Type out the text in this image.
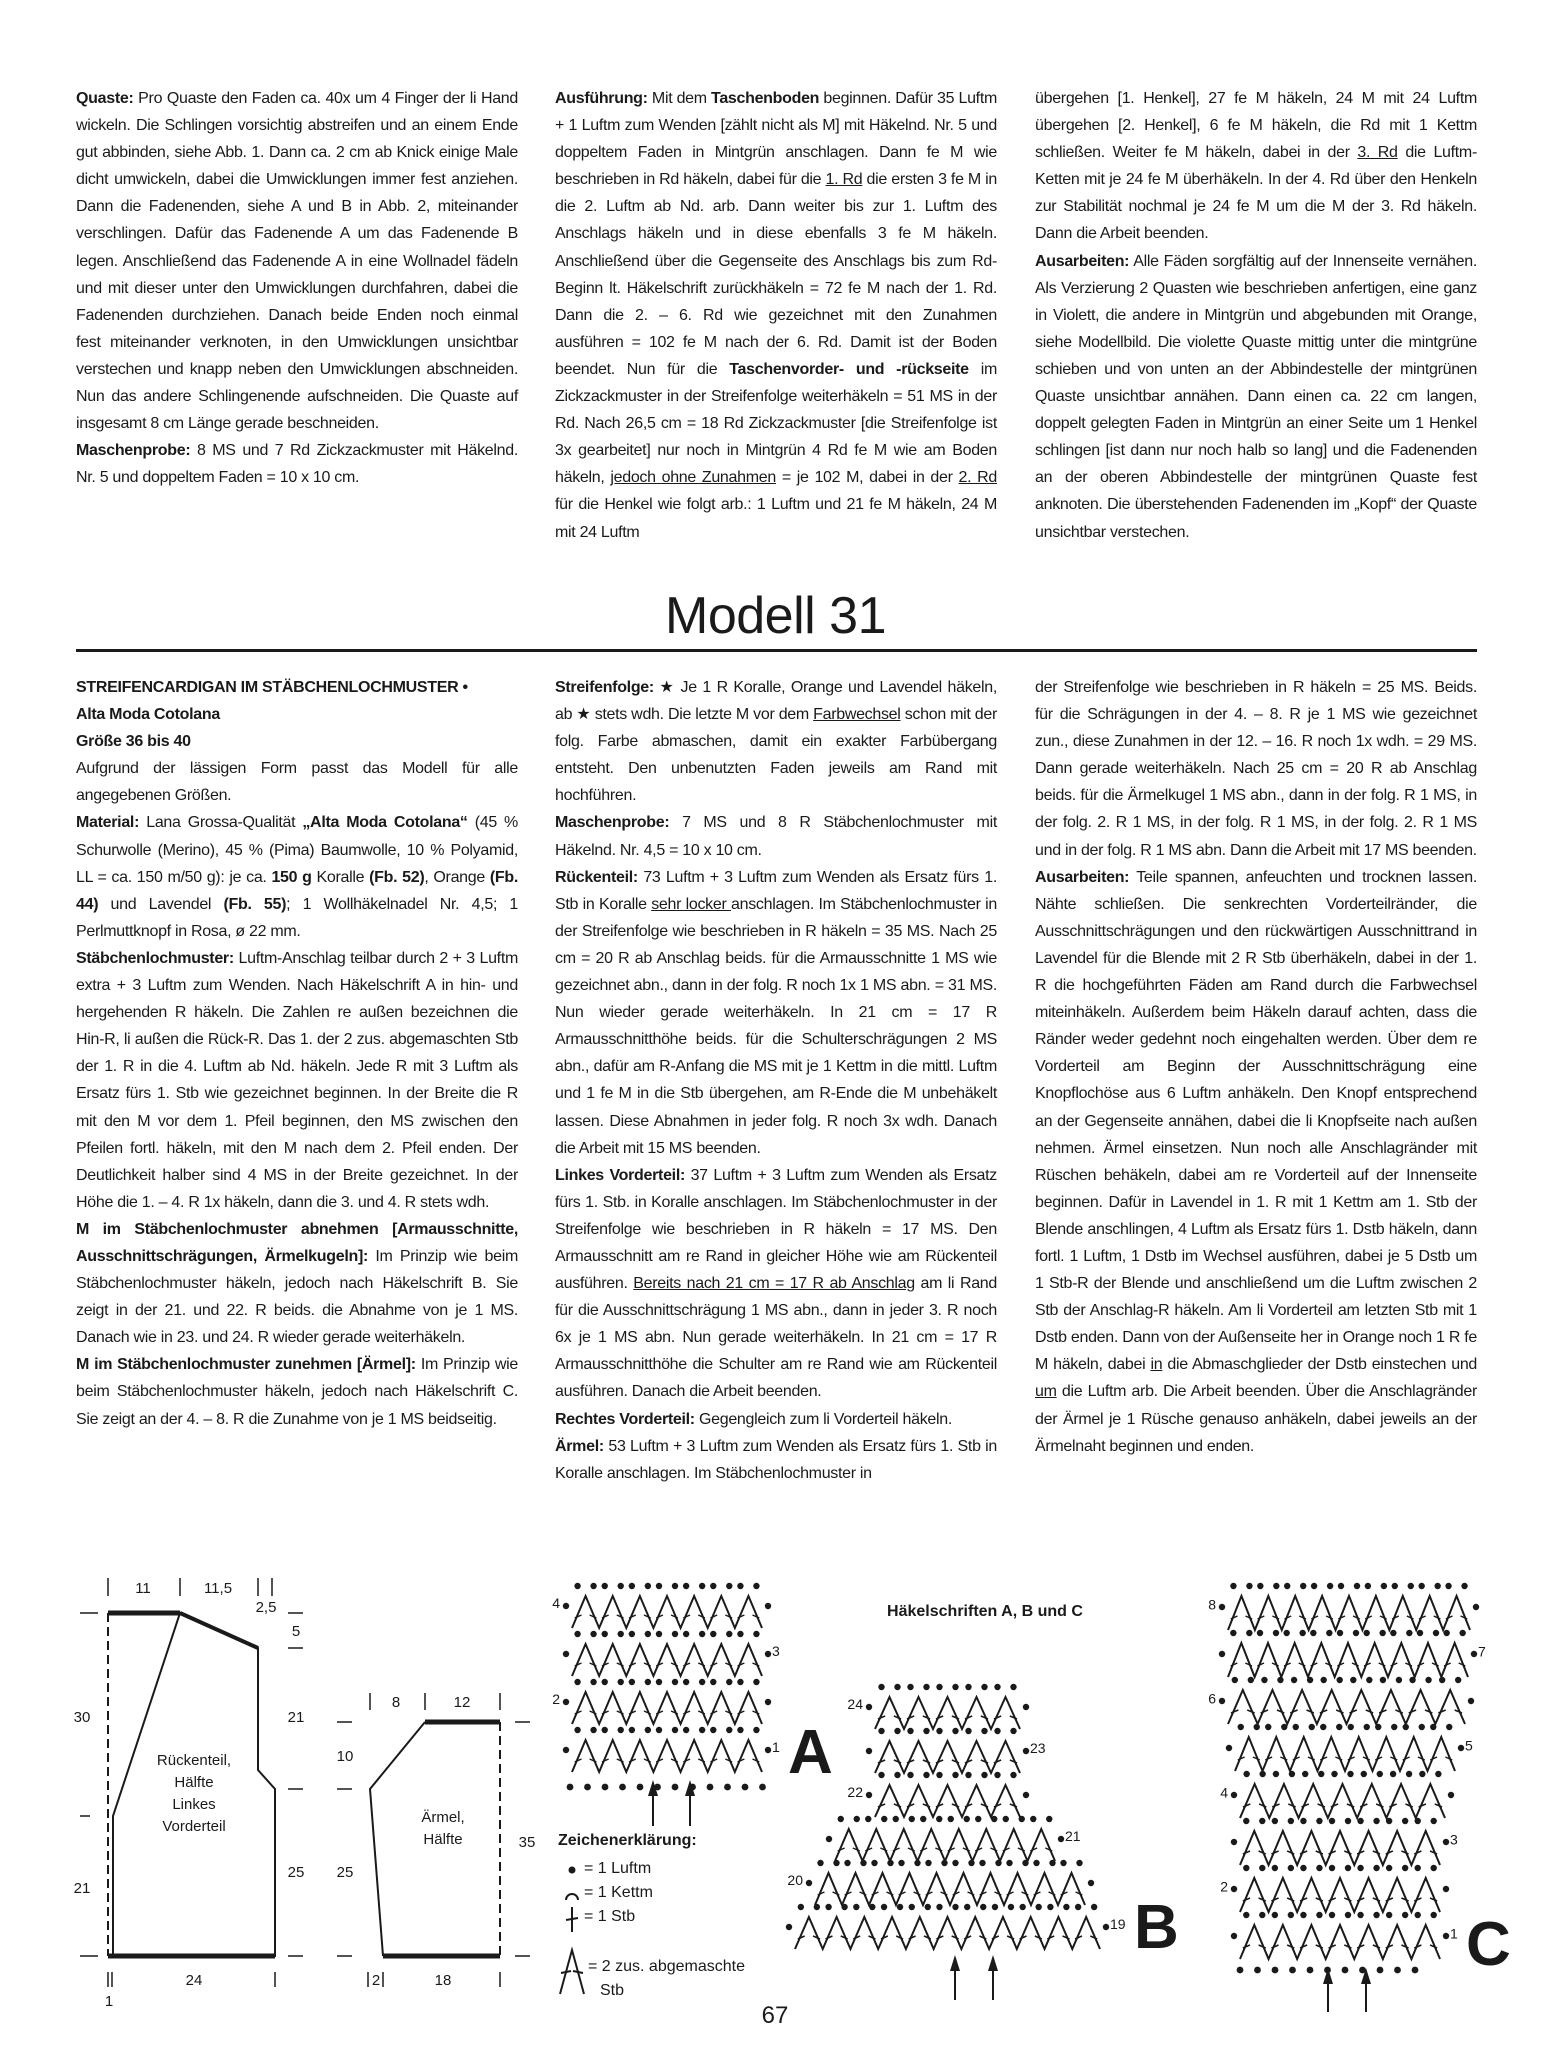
Quaste: Pro Quaste den Faden ca. 40x um 4 Finger der li Hand wickeln. Die Schlingen vorsichtig abstreifen und an einem Ende gut abbinden, siehe Abb. 1. Dann ca. 2 cm ab Knick einige Male dicht umwickeln, dabei die Umwicklungen immer fest anziehen. Dann die Fadenenden, siehe A und B in Abb. 2, miteinander verschlingen. Dafür das Fadenende A um das Fadenende B legen. Anschließend das Fadenende A in eine Wollnadel fädeln und mit dieser unter den Umwicklungen durchfahren, dabei die Fadenenden durchziehen. Danach beide Enden noch einmal fest miteinander verknoten, in den Umwicklungen unsichtbar verstechen und knapp neben den Umwicklungen abschneiden. Nun das andere Schlingenende aufschneiden. Die Quaste auf insgesamt 8 cm Länge gerade beschneiden.

Maschenprobe: 8 MS und 7 Rd Zickzackmuster mit Häkelnd. Nr. 5 und doppeltem Faden = 10 x 10 cm.

Ausführung: Mit dem Taschenboden beginnen. Dafür 35 Luftm + 1 Luftm zum Wenden [zählt nicht als M] mit Häkelnd. Nr. 5 und doppeltem Faden in Mintgrün anschlagen. Dann fe M wie beschrieben in Rd häkeln, dabei für die 1. Rd die ersten 3 fe M in die 2. Luftm ab Nd. arb. Dann weiter bis zur 1. Luftm des Anschlags häkeln und in diese ebenfalls 3 fe M häkeln. Anschließend über die Gegenseite des Anschlags bis zum Rd-Beginn lt. Häkelschrift zurückhäkeln = 72 fe M nach der 1. Rd. Dann die 2. – 6. Rd wie gezeichnet mit den Zunahmen ausführen = 102 fe M nach der 6. Rd. Damit ist der Boden beendet. Nun für die Taschenvorder- und -rückseite im Zickzackmuster in der Streifenfolge weiterhäkeln = 51 MS in der Rd. Nach 26,5 cm = 18 Rd Zickzackmuster [die Streifenfolge ist 3x gearbeitet] nur noch in Mintgrün 4 Rd fe M wie am Boden häkeln, jedoch ohne Zunahmen = je 102 M, dabei in der 2. Rd für die Henkel wie folgt arb.: 1 Luftm und 21 fe M häkeln, 24 M mit 24 Luftm

übergehen [1. Henkel], 27 fe M häkeln, 24 M mit 24 Luftm übergehen [2. Henkel], 6 fe M häkeln, die Rd mit 1 Kettm schließen. Weiter fe M häkeln, dabei in der 3. Rd die Luftm-Ketten mit je 24 fe M überhäkeln. In der 4. Rd über den Henkeln zur Stabilität nochmal je 24 fe M um die M der 3. Rd häkeln. Dann die Arbeit beenden.

Ausarbeiten: Alle Fäden sorgfältig auf der Innenseite vernähen. Als Verzierung 2 Quasten wie beschrieben anfertigen, eine ganz in Violett, die andere in Mintgrün und abgebunden mit Orange, siehe Modellbild. Die violette Quaste mittig unter die mintgrüne schieben und von unten an der Abbindestelle der mintgrünen Quaste unsichtbar annähen. Dann einen ca. 22 cm langen, doppelt gelegten Faden in Mintgrün an einer Seite um 1 Henkel schlingen [ist dann nur noch halb so lang] und die Fadenenden an der oberen Abbindestelle der mintgrünen Quaste fest anknoten. Die überstehenden Fadenenden im „Kopf“ der Quaste unsichtbar verstechen.

Modell 31

STREIFENCARDIGAN IM STÄBCHENLOCHMUSTER •

Alta Moda Cotolana

Größe 36 bis 40

Aufgrund der lässigen Form passt das Modell für alle angegebenen Größen.

Material: Lana Grossa-Qualität „Alta Moda Cotolana“ (45 % Schurwolle (Merino), 45 % (Pima) Baumwolle, 10 % Polyamid, LL = ca. 150 m/50 g): je ca. 150 g Koralle (Fb. 52), Orange (Fb. 44) und Lavendel (Fb. 55); 1 Wollhäkelnadel Nr. 4,5; 1 Perlmuttknopf in Rosa, ø 22 mm.

Stäbchenlochmuster: Luftm-Anschlag teilbar durch 2 + 3 Luftm extra + 3 Luftm zum Wenden. Nach Häkelschrift A in hin- und hergehenden R häkeln. Die Zahlen re außen bezeichnen die Hin-R, li außen die Rück-R. Das 1. der 2 zus. abgemaschten Stb der 1. R in die 4. Luftm ab Nd. häkeln. Jede R mit 3 Luftm als Ersatz fürs 1. Stb wie gezeichnet beginnen. In der Breite die R mit den M vor dem 1. Pfeil beginnen, den MS zwischen den Pfeilen fortl. häkeln, mit den M nach dem 2. Pfeil enden. Der Deutlichkeit halber sind 4 MS in der Breite gezeichnet. In der Höhe die 1. – 4. R 1x häkeln, dann die 3. und 4. R stets wdh.

M im Stäbchenlochmuster abnehmen [Armausschnitte, Ausschnittschrägungen, Ärmelkugeln]: Im Prinzip wie beim Stäbchenlochmuster häkeln, jedoch nach Häkelschrift B. Sie zeigt in der 21. und 22. R beids. die Abnahme von je 1 MS. Danach wie in 23. und 24. R wieder gerade weiterhäkeln.

M im Stäbchenlochmuster zunehmen [Ärmel]: Im Prinzip wie beim Stäbchenlochmuster häkeln, jedoch nach Häkelschrift C. Sie zeigt an der 4. – 8. R die Zunahme von je 1 MS beidseitig.

Streifenfolge: ★ Je 1 R Koralle, Orange und Lavendel häkeln, ab ★ stets wdh. Die letzte M vor dem Farbwechsel schon mit der folg. Farbe abmaschen, damit ein exakter Farbübergang entsteht. Den unbenutzten Faden jeweils am Rand mit hochführen.

Maschenprobe: 7 MS und 8 R Stäbchenlochmuster mit Häkelnd. Nr. 4,5 = 10 x 10 cm.

Rückenteil: 73 Luftm + 3 Luftm zum Wenden als Ersatz fürs 1. Stb in Koralle sehr locker anschlagen. Im Stäbchenlochmuster in der Streifenfolge wie beschrieben in R häkeln = 35 MS. Nach 25 cm = 20 R ab Anschlag beids. für die Armausschnitte 1 MS wie gezeichnet abn., dann in der folg. R noch 1x 1 MS abn. = 31 MS. Nun wieder gerade weiterhäkeln. In 21 cm = 17 R Armausschnitthöhe beids. für die Schulterschrägungen 2 MS abn., dafür am R-Anfang die MS mit je 1 Kettm in die mittl. Luftm und 1 fe M in die Stb übergehen, am R-Ende die M unbehäkelt lassen. Diese Abnahmen in jeder folg. R noch 3x wdh. Danach die Arbeit mit 15 MS beenden.

Linkes Vorderteil: 37 Luftm + 3 Luftm zum Wenden als Ersatz fürs 1. Stb. in Koralle anschlagen. Im Stäbchenlochmuster in der Streifenfolge wie beschrieben in R häkeln = 17 MS. Den Armausschnitt am re Rand in gleicher Höhe wie am Rückenteil ausführen. Bereits nach 21 cm = 17 R ab Anschlag am li Rand für die Ausschnittschrägung 1 MS abn., dann in jeder 3. R noch 6x je 1 MS abn. Nun gerade weiterhäkeln. In 21 cm = 17 R Armausschnitthöhe die Schulter am re Rand wie am Rückenteil ausführen. Danach die Arbeit beenden.

Rechtes Vorderteil: Gegengleich zum li Vorderteil häkeln.

Ärmel: 53 Luftm + 3 Luftm zum Wenden als Ersatz fürs 1. Stb in Koralle anschlagen. Im Stäbchenlochmuster in

der Streifenfolge wie beschrieben in R häkeln = 25 MS. Beids. für die Schrägungen in der 4. – 8. R je 1 MS wie gezeichnet zun., diese Zunahmen in der 12. – 16. R noch 1x wdh. = 29 MS. Dann gerade weiterhäkeln. Nach 25 cm = 20 R ab Anschlag beids. für die Ärmelkugel 1 MS abn., dann in der folg. R 1 MS, in der folg. 2. R 1 MS, in der folg. R 1 MS, in der folg. 2. R 1 MS und in der folg. R 1 MS abn. Dann die Arbeit mit 17 MS beenden.

Ausarbeiten: Teile spannen, anfeuchten und trocknen lassen. Nähte schließen. Die senkrechten Vorderteilränder, die Ausschnittschrägungen und den rückwärtigen Ausschnittrand in Lavendel für die Blende mit 2 R Stb überhäkeln, dabei in der 1. R die hochgeführten Fäden am Rand durch die Farbwechsel miteinhäkeln. Außerdem beim Häkeln darauf achten, dass die Ränder weder gedehnt noch eingehalten werden. Über dem re Vorderteil am Beginn der Ausschnittschrägung eine Knopflochöse aus 6 Luftm anhäkeln. Den Knopf entsprechend an der Gegenseite annähen, dabei die li Knopfseite nach außen nehmen. Ärmel einsetzen. Nun noch alle Anschlagränder mit Rüschen behäkeln, dabei am re Vorderteil auf der Innenseite beginnen. Dafür in Lavendel in 1. R mit 1 Kettm am 1. Stb der Blende anschlingen, 4 Luftm als Ersatz fürs 1. Dstb häkeln, dann fortl. 1 Luftm, 1 Dstb im Wechsel ausführen, dabei je 5 Dstb um 1 Stb-R der Blende und anschließend um die Luftm zwischen 2 Stb der Anschlag-R häkeln. Am li Vorderteil am letzten Stb mit 1 Dstb enden. Dann von der Außenseite her in Orange noch 1 R fe M häkeln, dabei in die Abmaschglieder der Dstb einstechen und um die Luftm arb. Die Arbeit beenden. Über die Anschlagränder der Ärmel je 1 Rüsche genauso anhäkeln, dabei jeweils an der Ärmelnaht beginnen und enden.

11	11,5
2,5
30
21
5
21
25
24
1
Rückenteil,
Hälfte
Linkes
Vorderteil
8	12
10
25
35
2	18
Ärmel,
Hälfte
1
2
3
4
19
20
21
22
23
24
1
2
3
4
5
6
7
8
Häkelschriften A, B und C
A
B	C
Zeichenerklärung:
= 1 Luftm
= 1 Kettm
= 1 Stb
= 2 zus. abgemaschte
Stb
67
